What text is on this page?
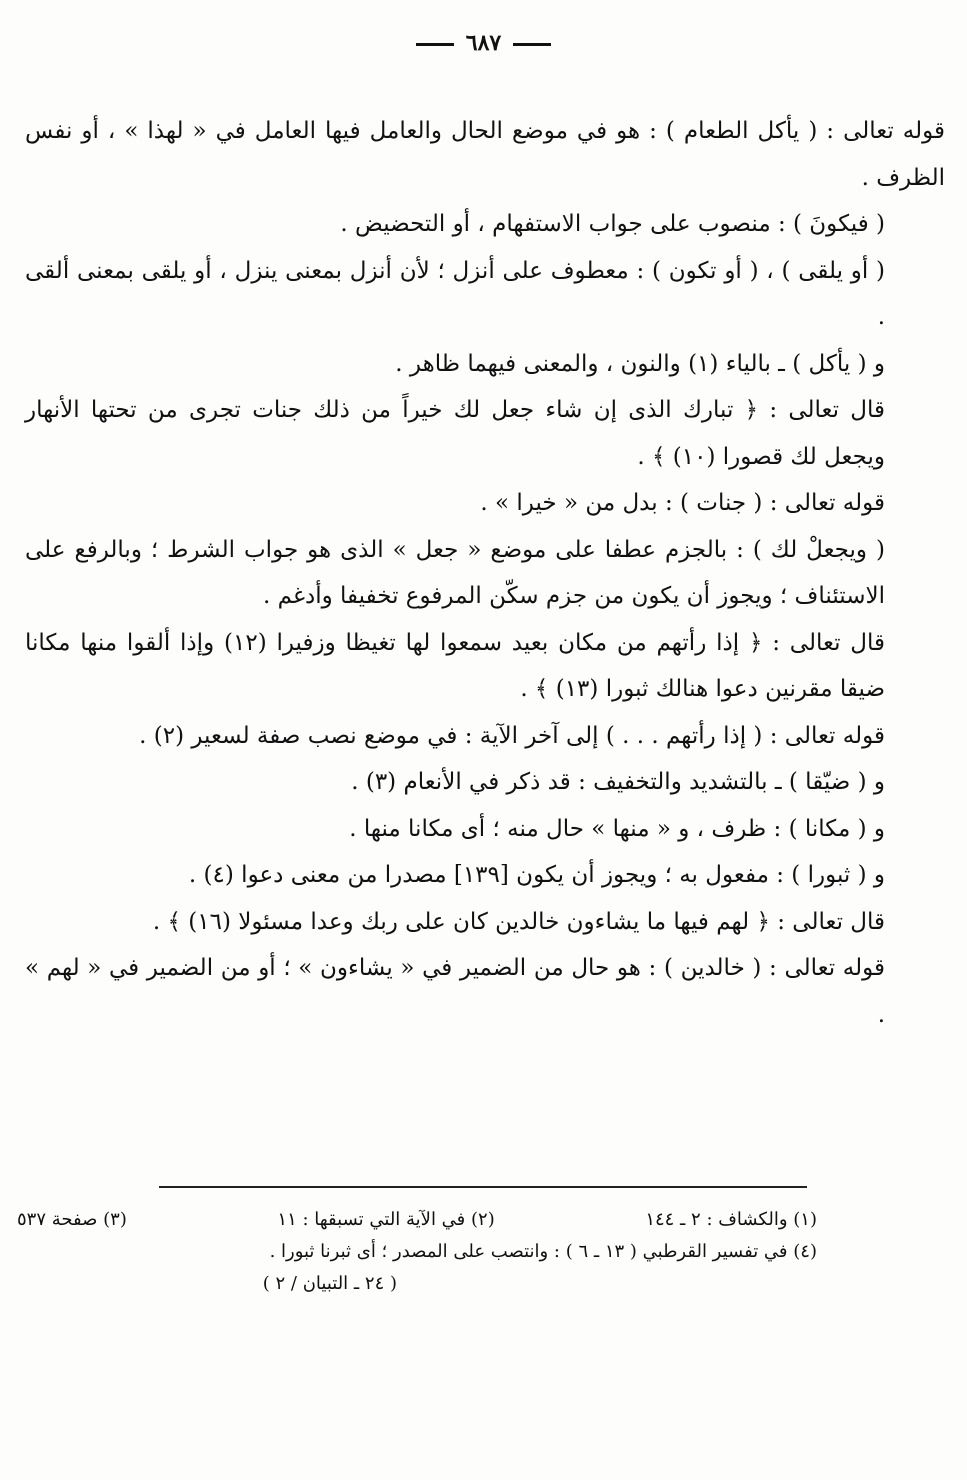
٦٨٧

قوله تعالى : ( يأكل الطعام ) : هو في موضع الحال والعامل فيها العامل في « لهذا » ، أو نفس الظرف .

( فيكونَ ) : منصوب على جواب الاستفهام ، أو التحضيض .

( أو يلقى ) ، ( أو تكون ) : معطوف على أنزل ؛ لأن أنزل بمعنى ينزل ، أو يلقى بمعنى ألقى .

و ( يأكل ) ـ بالياء (١) والنون ، والمعنى فيهما ظاهر .

قال تعالى : ﴿ تبارك الذى إن شاء جعل لك خيراً من ذلك جنات تجرى من تحتها الأنهار ويجعل لك قصورا (١٠) ﴾ .

قوله تعالى : ( جنات ) : بدل من « خيرا » .

( ويجعلْ لك ) : بالجزم عطفا على موضع « جعل » الذى هو جواب الشرط ؛ وبالرفع على الاستئناف ؛ ويجوز أن يكون من جزم سكّن المرفوع تخفيفا وأدغم .

قال تعالى : ﴿ إذا رأتهم من مكان بعيد سمعوا لها تغيظا وزفيرا (١٢) وإذا ألقوا منها مكانا ضيقا مقرنين دعوا هنالك ثبورا (١٣) ﴾ .

قوله تعالى : ( إذا رأتهم . . . ) إلى آخر الآية : في موضع نصب صفة لسعير (٢) .

و ( ضيّقا ) ـ بالتشديد والتخفيف : قد ذكر في الأنعام (٣) .

و ( مكانا ) : ظرف ، و « منها » حال منه ؛ أى مكانا منها .

و ( ثبورا ) : مفعول به ؛ ويجوز أن يكون [١٣٩] مصدرا من معنى دعوا (٤) .

قال تعالى : ﴿ لهم فيها ما يشاءون خالدين كان على ربك وعدا مسئولا (١٦) ﴾ .

قوله تعالى : ( خالدين ) : هو حال من الضمير في « يشاءون » ؛ أو من الضمير في « لهم » .

(١) والكشاف : ٢ ـ ١٤٤
(٢) في الآية التي تسبقها : ١١
(٣) صفحة ٥٣٧

(٤) في تفسير القرطبي ( ١٣ ـ ٦ ) : وانتصب على المصدر ؛ أى ثبرنا ثبورا .

( ٢٤ ـ التبيان / ٢ )
